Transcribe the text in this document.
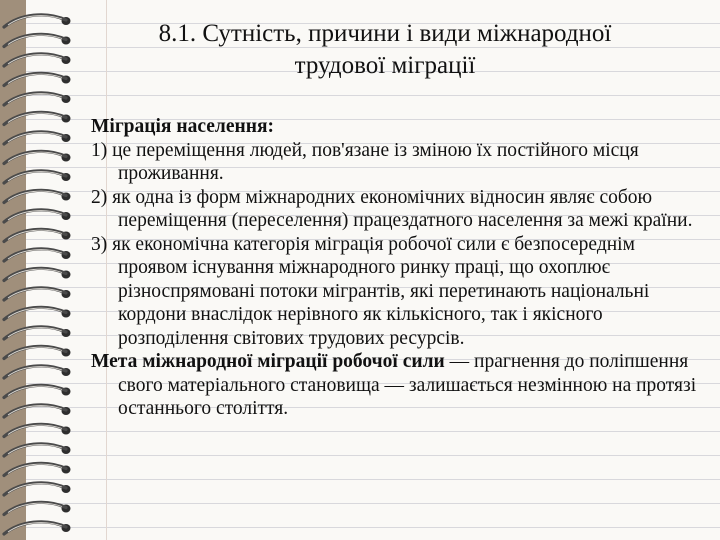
8.1. Сутність, причини і види міжнародної
трудової міграції

Міграція населення:

1) це переміщення людей, пов'язане із зміною їх постійного місця проживання.

2) як одна із форм міжнародних економічних відносин являє собою переміщення (переселення) працездатного населення за межі країни.

3) як економічна категорія міграція робочої сили є безпосереднім проявом існування міжнародного ринку праці, що охоплює різноспрямовані потоки мігрантів, які перетинають національні кордони внаслідок нерівного як кількісного, так і якісного розподілення світових трудових ресурсів.

Мета міжнародної міграції робочої сили — прагнення до поліпшення свого матеріального становища — залишається незмінною на протязі останнього століття.
